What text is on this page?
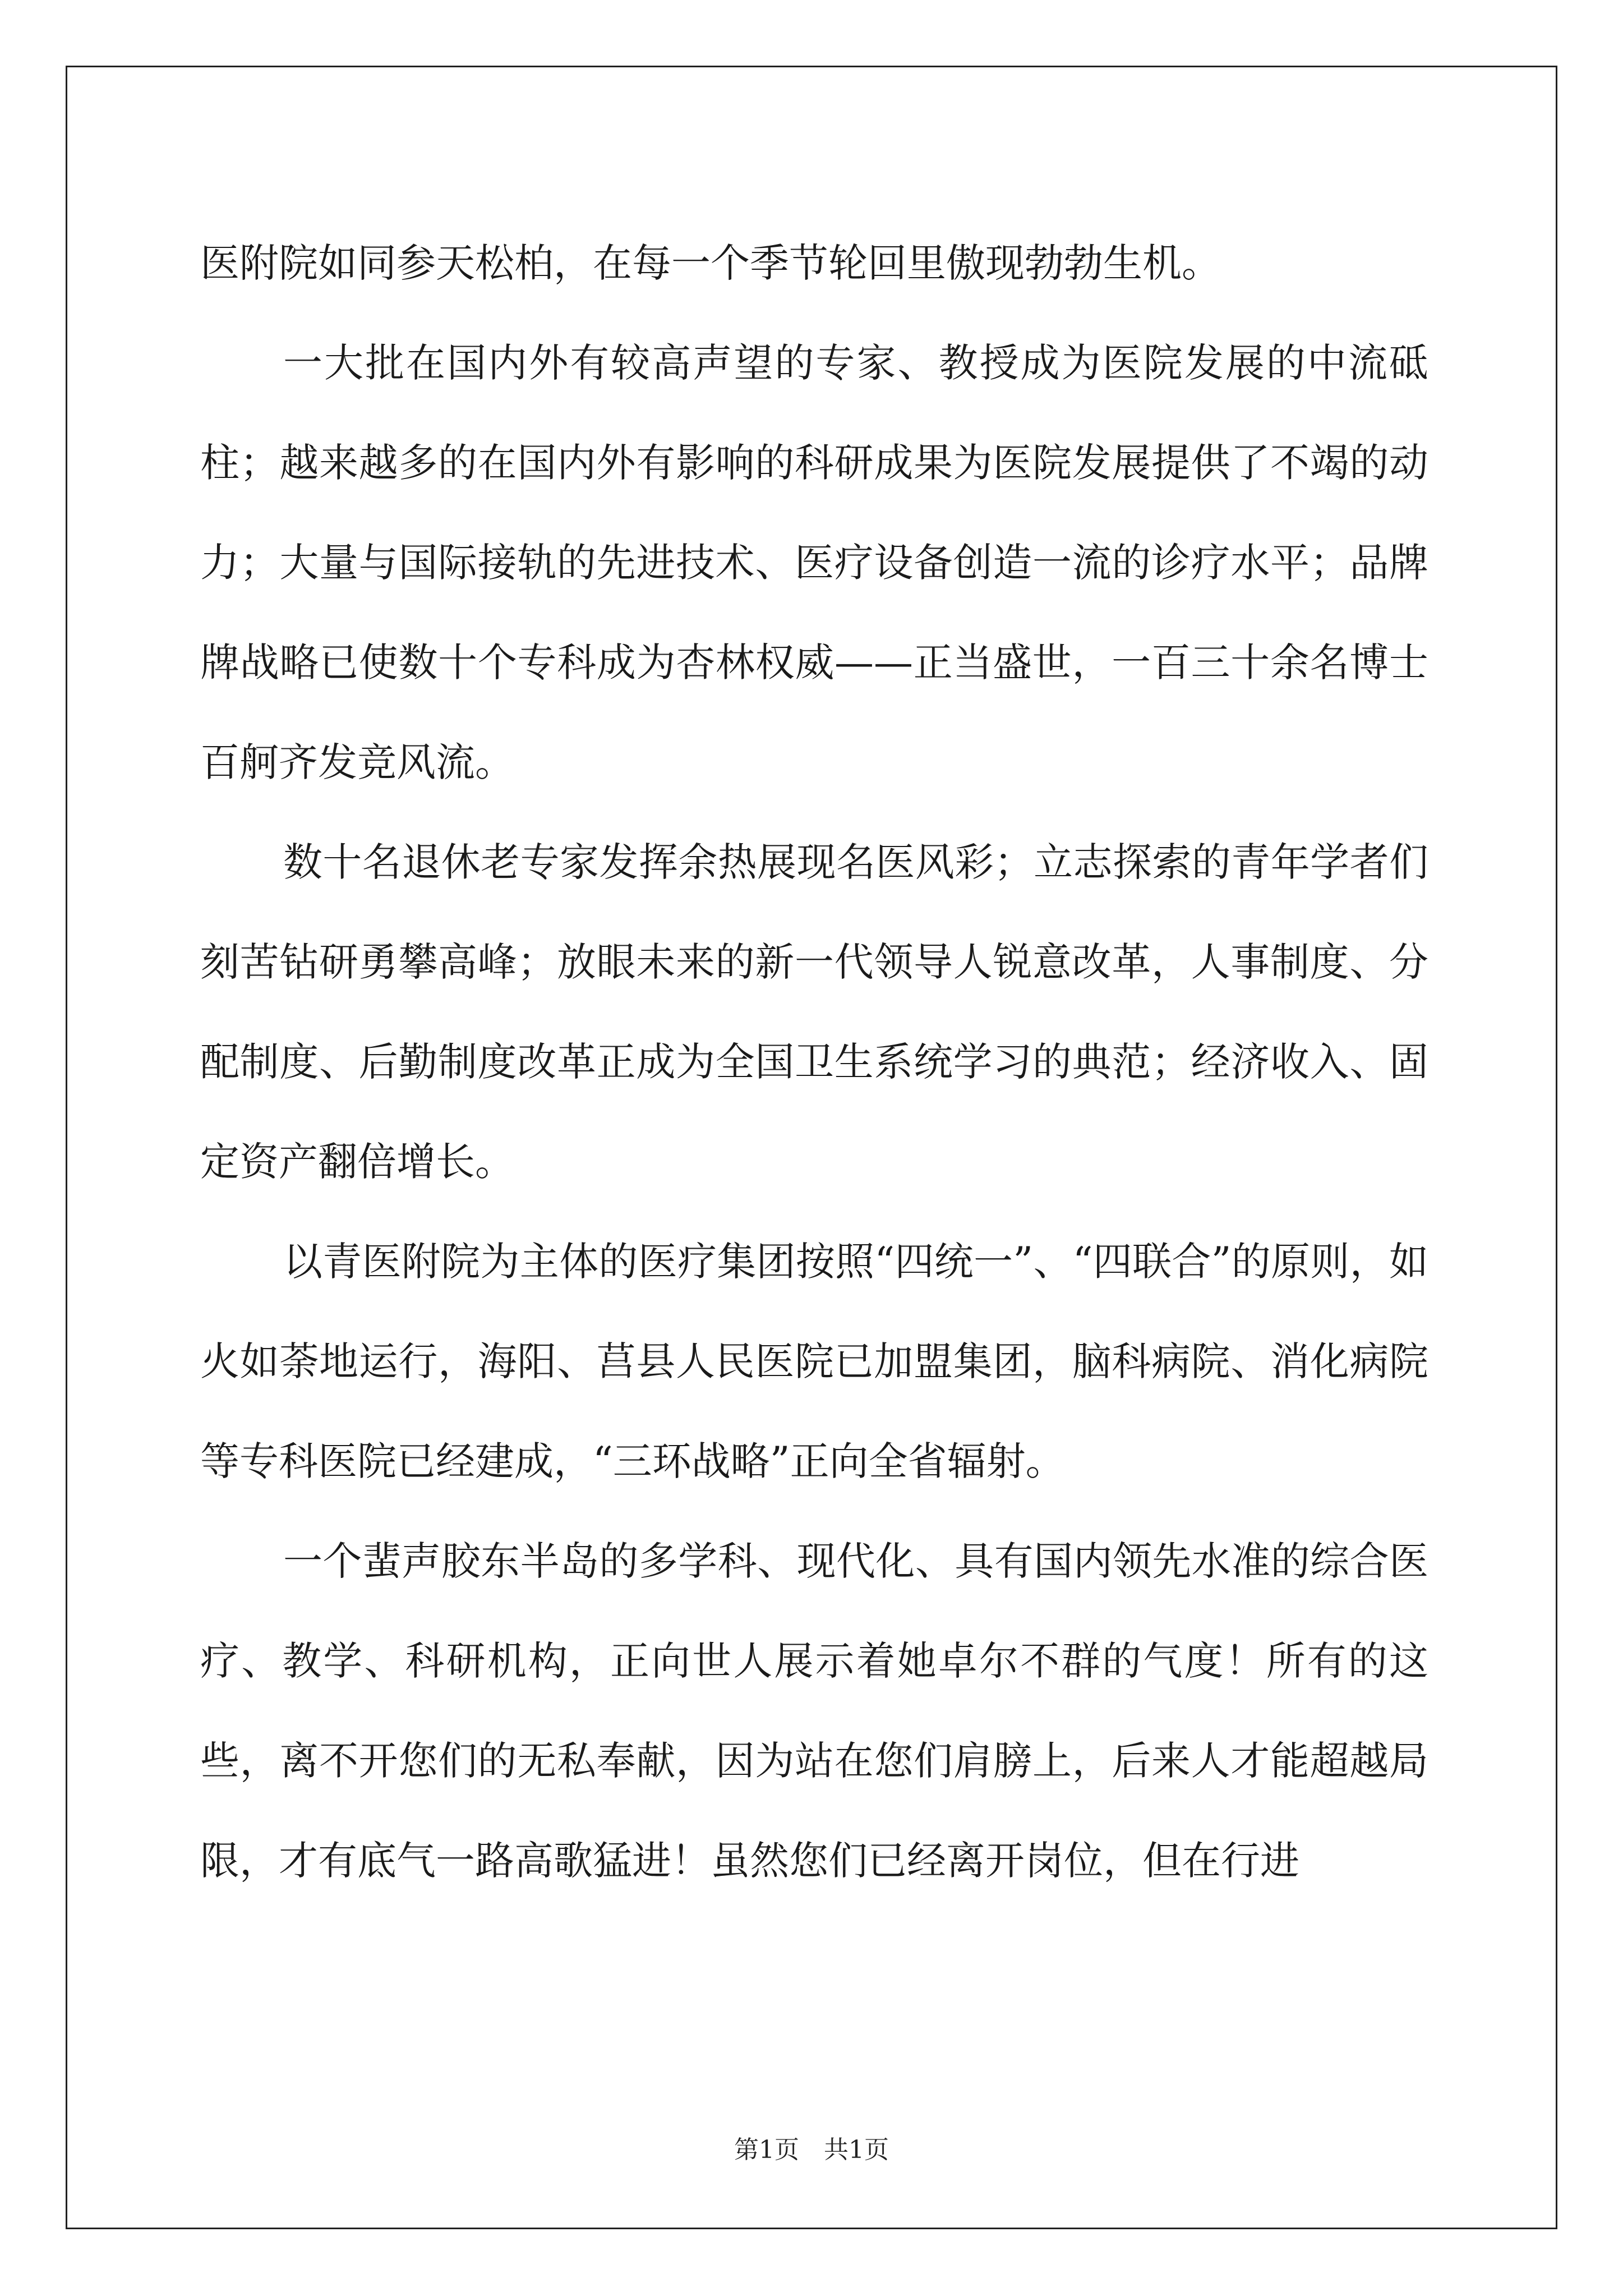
医附院如同参天松柏，在每一个季节轮回里傲现勃勃生机。

一大批在国内外有较高声望的专家、教授成为医院发展的中流砥柱；越来越多的在国内外有影响的科研成果为医院发展提供了不竭的动力；大量与国际接轨的先进技术、医疗设备创造一流的诊疗水平；品牌牌战略已使数十个专科成为杏林权威——正当盛世，一百三十余名博士百舸齐发竞风流。

数十名退休老专家发挥余热展现名医风彩；立志探索的青年学者们刻苦钻研勇攀高峰；放眼未来的新一代领导人锐意改革，人事制度、分配制度、后勤制度改革正成为全国卫生系统学习的典范；经济收入、固定资产翻倍增长。

以青医附院为主体的医疗集团按照“四统一”、“四联合”的原则，如火如荼地运行，海阳、莒县人民医院已加盟集团，脑科病院、消化病院等专科医院已经建成，“三环战略”正向全省辐射。

一个蜚声胶东半岛的多学科、现代化、具有国内领先水准的综合医疗、教学、科研机构，正向世人展示着她卓尔不群的气度！所有的这些，离不开您们的无私奉献，因为站在您们肩膀上，后来人才能超越局限，才有底气一路高歌猛进！虽然您们已经离开岗位，但在行进

第1页　共1页
